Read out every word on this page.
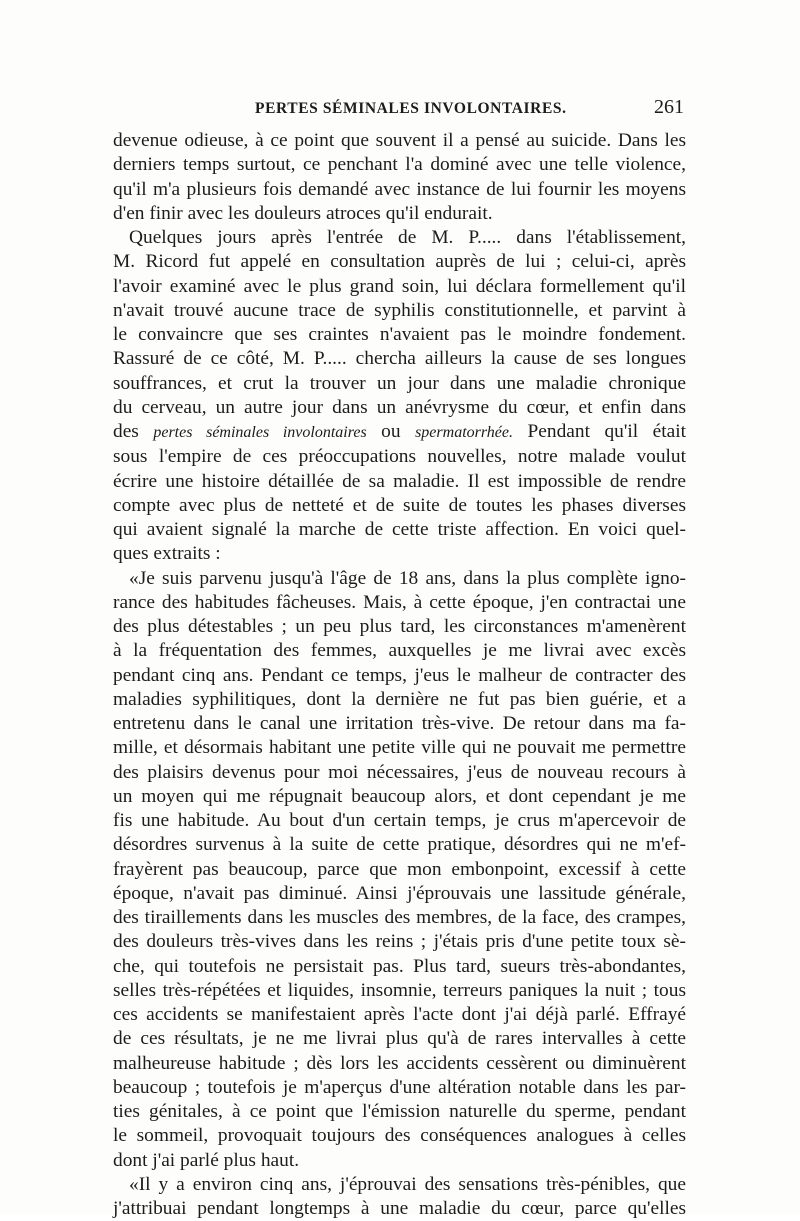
PERTES SÉMINALES INVOLONTAIRES.	261
devenue odieuse, à ce point que souvent il a pensé au suicide. Dans les
derniers temps surtout, ce penchant l'a dominé avec une telle violence,
qu'il m'a plusieurs fois demandé avec instance de lui fournir les moyens
d'en finir avec les douleurs atroces qu'il endurait.
Quelques jours après l'entrée de M. P..... dans l'établissement,
M. Ricord fut appelé en consultation auprès de lui ; celui-ci, après
l'avoir examiné avec le plus grand soin, lui déclara formellement qu'il
n'avait trouvé aucune trace de syphilis constitutionnelle, et parvint à
le convaincre que ses craintes n'avaient pas le moindre fondement.
Rassuré de ce côté, M. P..... chercha ailleurs la cause de ses longues
souffrances, et crut la trouver un jour dans une maladie chronique
du cerveau, un autre jour dans un anévrysme du cœur, et enfin dans
des pertes séminales involontaires ou spermatorrhée. Pendant qu'il était
sous l'empire de ces préoccupations nouvelles, notre malade voulut
écrire une histoire détaillée de sa maladie. Il est impossible de rendre
compte avec plus de netteté et de suite de toutes les phases diverses
qui avaient signalé la marche de cette triste affection. En voici quel-
ques extraits :
«Je suis parvenu jusqu'à l'âge de 18 ans, dans la plus complète igno-
rance des habitudes fâcheuses. Mais, à cette époque, j'en contractai une
des plus détestables ; un peu plus tard, les circonstances m'amenèrent
à la fréquentation des femmes, auxquelles je me livrai avec excès
pendant cinq ans. Pendant ce temps, j'eus le malheur de contracter des
maladies syphilitiques, dont la dernière ne fut pas bien guérie, et a
entretenu dans le canal une irritation très-vive. De retour dans ma fa-
mille, et désormais habitant une petite ville qui ne pouvait me permettre
des plaisirs devenus pour moi nécessaires, j'eus de nouveau recours à
un moyen qui me répugnait beaucoup alors, et dont cependant je me
fis une habitude. Au bout d'un certain temps, je crus m'apercevoir de
désordres survenus à la suite de cette pratique, désordres qui ne m'ef-
frayèrent pas beaucoup, parce que mon embonpoint, excessif à cette
époque, n'avait pas diminué. Ainsi j'éprouvais une lassitude générale,
des tiraillements dans les muscles des membres, de la face, des crampes,
des douleurs très-vives dans les reins ; j'étais pris d'une petite toux sè-
che, qui toutefois ne persistait pas. Plus tard, sueurs très-abondantes,
selles très-répétées et liquides, insomnie, terreurs paniques la nuit ; tous
ces accidents se manifestaient après l'acte dont j'ai déjà parlé. Effrayé
de ces résultats, je ne me livrai plus qu'à de rares intervalles à cette
malheureuse habitude ; dès lors les accidents cessèrent ou diminuèrent
beaucoup ; toutefois je m'aperçus d'une altération notable dans les par-
ties génitales, à ce point que l'émission naturelle du sperme, pendant
le sommeil, provoquait toujours des conséquences analogues à celles
dont j'ai parlé plus haut.
«Il y a environ cinq ans, j'éprouvai des sensations très-pénibles, que
j'attribuai pendant longtemps à une maladie du cœur, parce qu'elles
